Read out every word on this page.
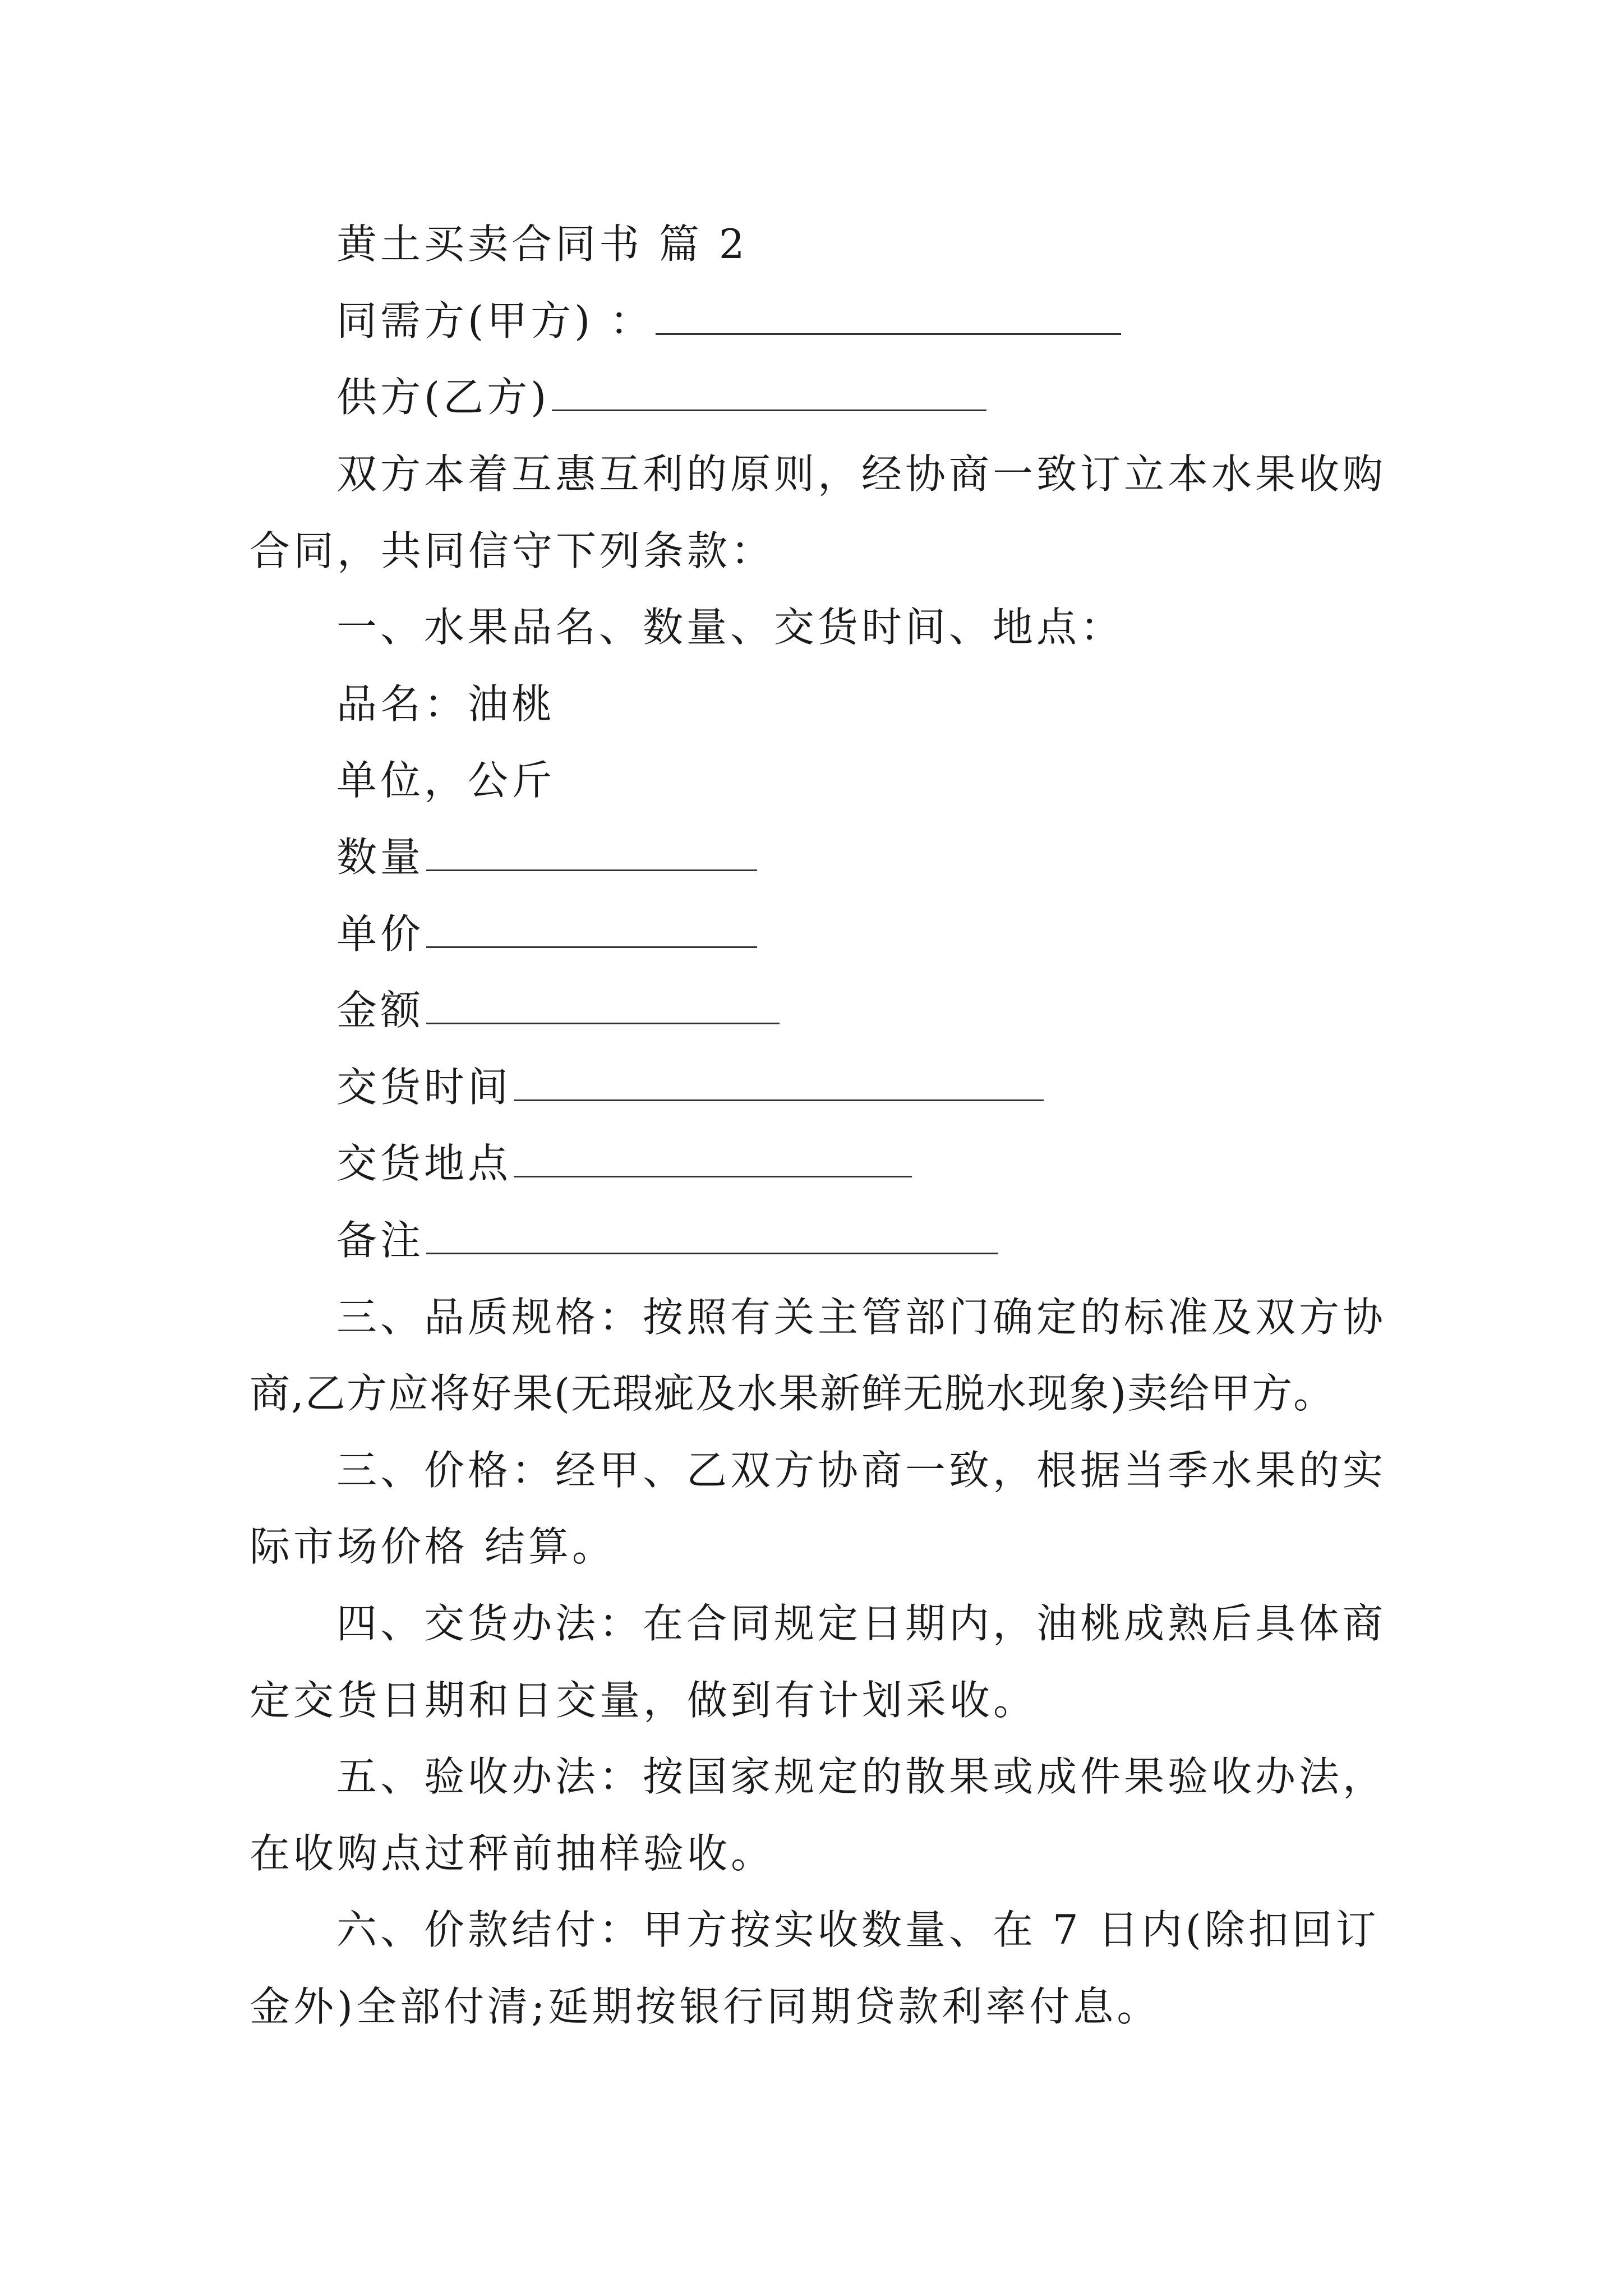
黄土买卖合同书 篇 2
同需方(甲方) ：
供方(乙方)
双方本着互惠互利的原则，经协商一致订立本水果收购
合同，共同信守下列条款：
一、水果品名、数量、交货时间、地点：
品名：油桃
单位，公斤
数量
单价
金额
交货时间
交货地点
备注
三、品质规格：按照有关主管部门确定的标准及双方协
商,乙方应将好果(无瑕疵及水果新鲜无脱水现象)卖给甲方。
三、价格：经甲、乙双方协商一致，根据当季水果的实
际市场价格 结算。
四、交货办法：在合同规定日期内，油桃成熟后具体商
定交货日期和日交量，做到有计划采收。
五、验收办法：按国家规定的散果或成件果验收办法，
在收购点过秤前抽样验收。
六、价款结付：甲方按实收数量、在 7 日内(除扣回订
金外)全部付清;延期按银行同期贷款利率付息。
